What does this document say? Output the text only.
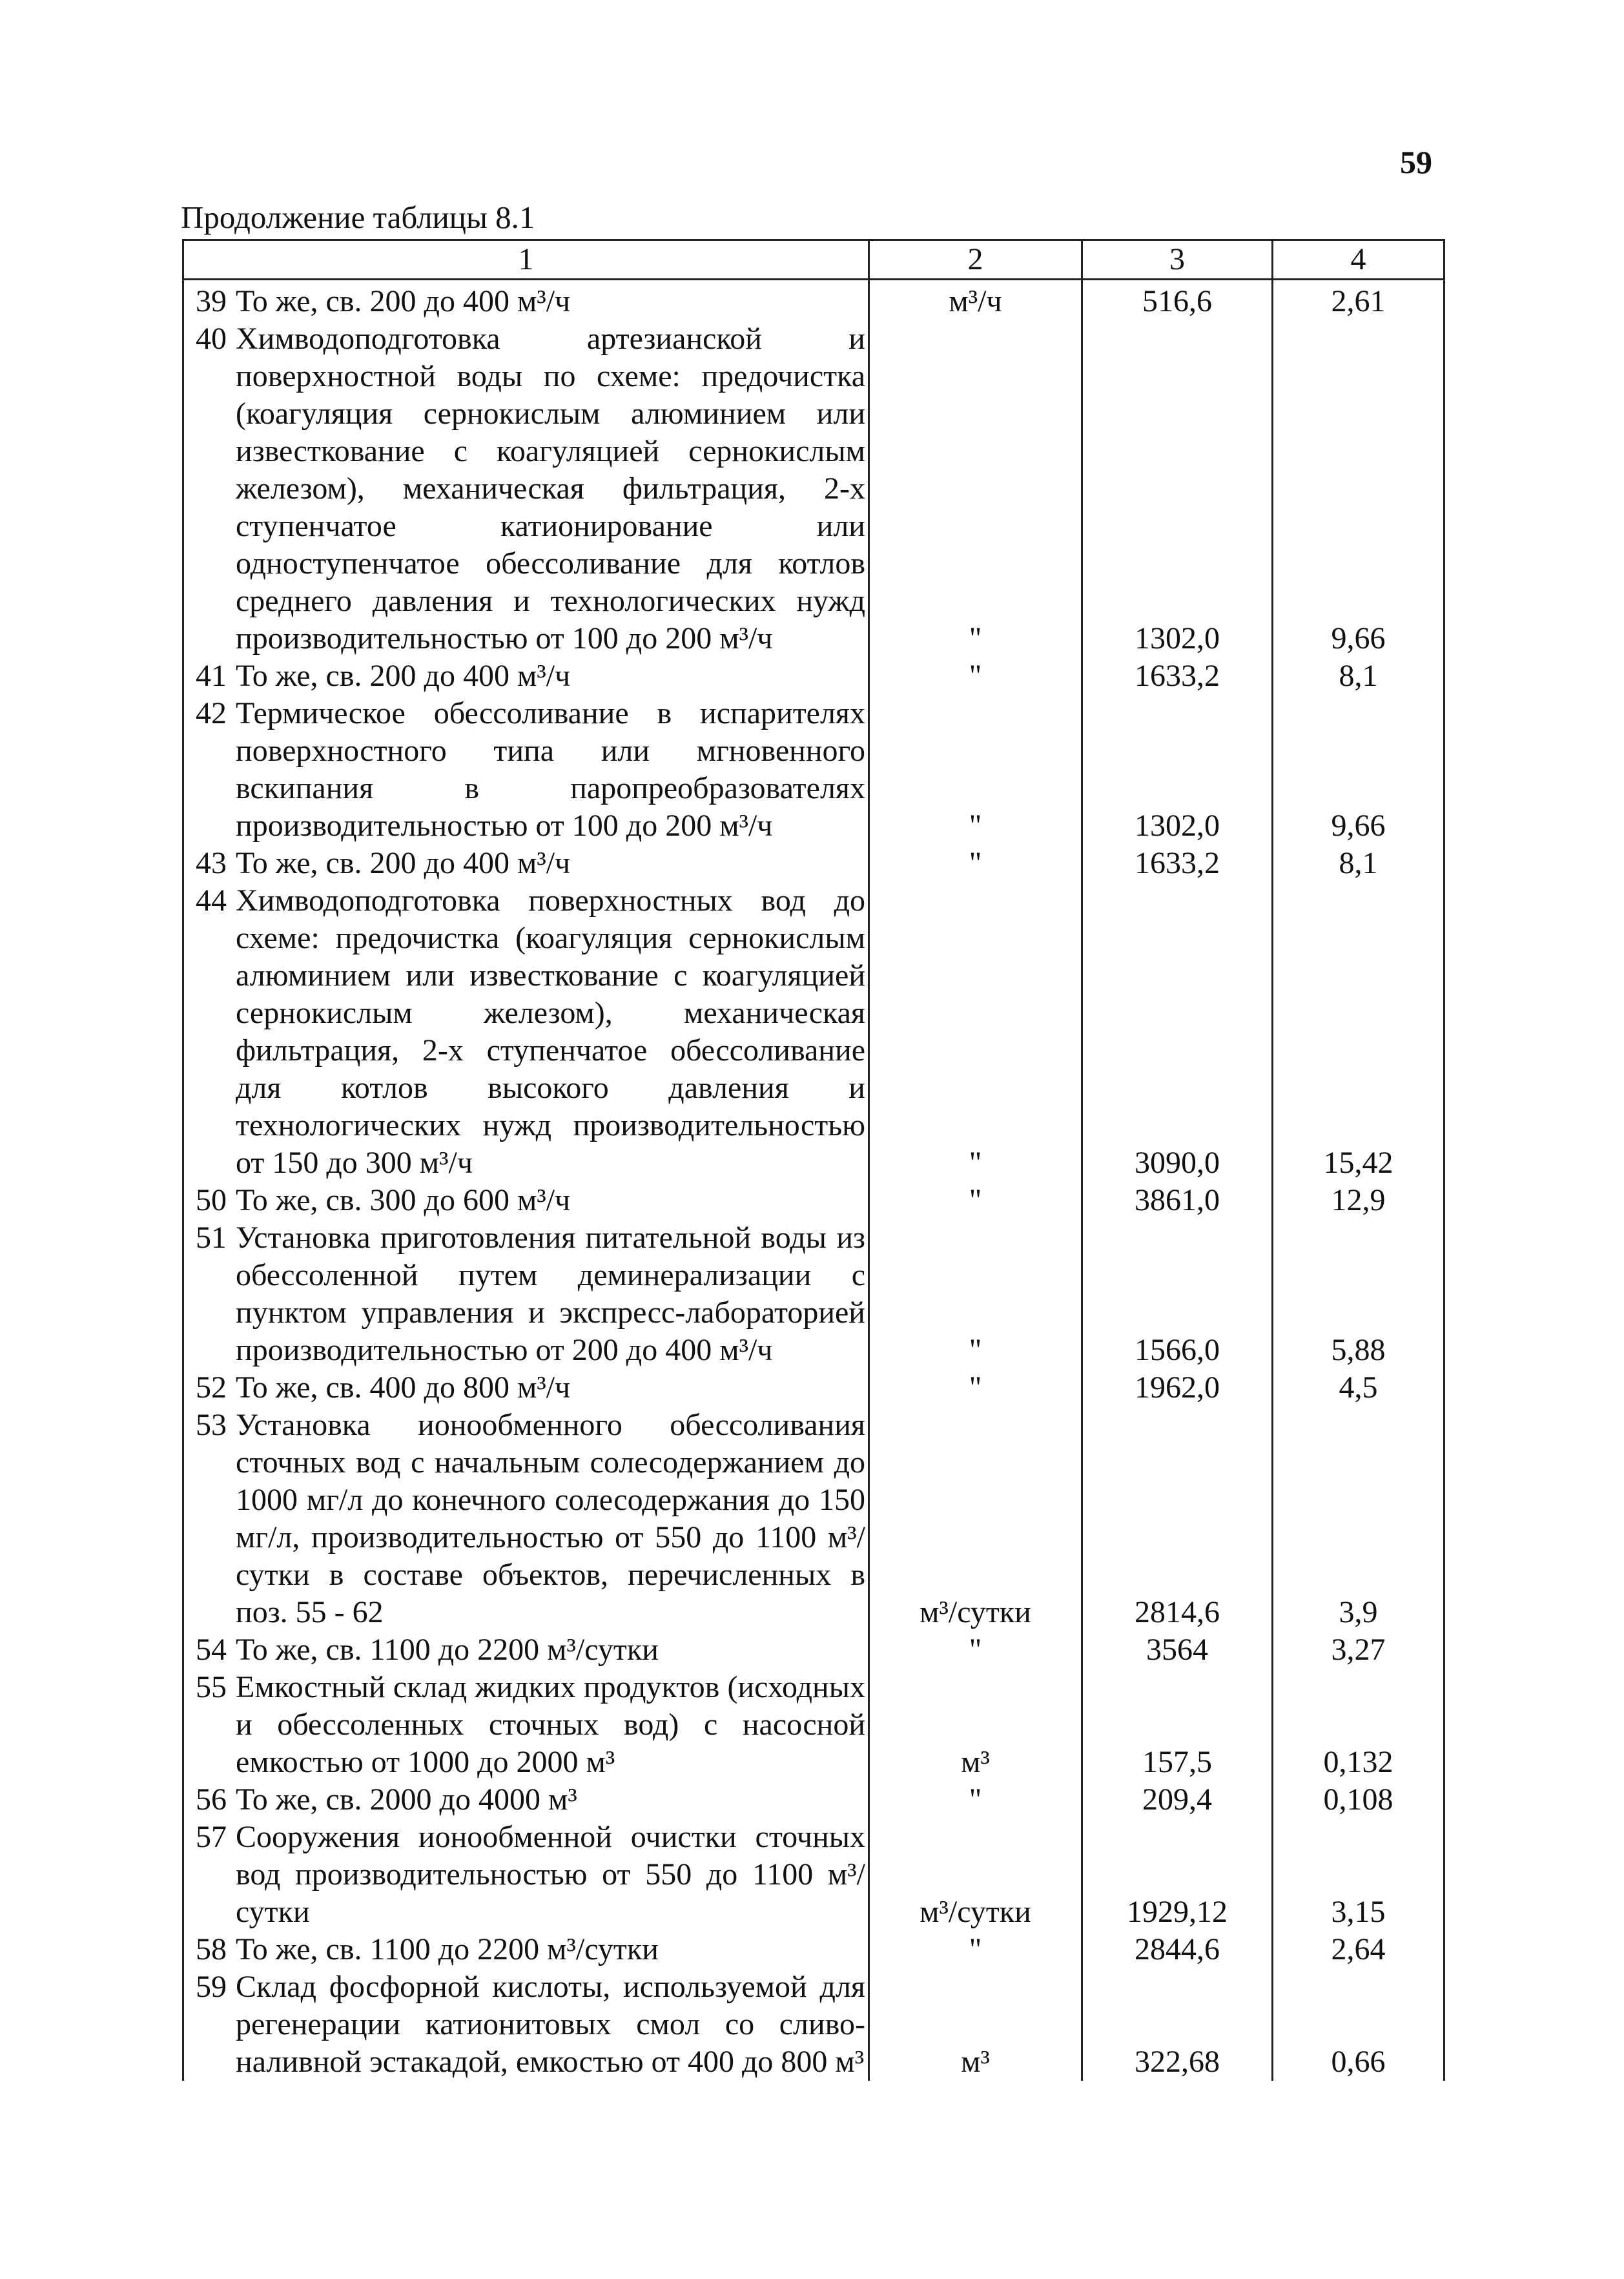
59
Продолжение таблицы 8.1
1	2	3	4

39 То же, св. 200 до 400 м³/ч	м³/ч	516,6	2,61

40 Химводоподготовка артезианской и поверхностной воды по схеме: предочистка (коагуляция сернокислым алюминием или известкование с коагуляцией сернокислым железом), механическая фильтрация, 2-х ступенчатое катионирование или одноступенчатое обессоливание для котлов среднего давления и технологических нужд производительностью от 100 до 200 м³/ч	"	1302,0	9,66

41 То же, св. 200 до 400 м³/ч	"	1633,2	8,1

42 Термическое обессоливание в испарителях поверхностного типа или мгновенного вскипания в паропреобразователях производительностью от 100 до 200 м³/ч	"	1302,0	9,66

43 То же, св. 200 до 400 м³/ч	"	1633,2	8,1

44 Химводоподготовка поверхностных вод до схеме: предочистка (коагуляция сернокислым алюминием или известкование с коагуляцией сернокислым железом), механическая фильтрация, 2-х ступенчатое обессоливание для котлов высокого давления и технологических нужд производительностью от 150 до 300 м³/ч	"	3090,0	15,42

50 То же, св. 300 до 600 м³/ч	"	3861,0	12,9

51 Установка приготовления питательной воды из обессоленной путем деминерализации с пунктом управления и экспресс-лабораторией производительностью от 200 до 400 м³/ч	"	1566,0	5,88

52 То же, св. 400 до 800 м³/ч	"	1962,0	4,5

53 Установка ионообменного обессоливания сточных вод с начальным солесодержанием до 1000 мг/л до конечного солесодержания до 150 мг/л, производительностью от 550 до 1100 м³/сутки в составе объектов, перечисленных в поз. 55 - 62	м³/сутки	2814,6	3,9

54 То же, св. 1100 до 2200 м³/сутки	"	3564	3,27

55 Емкостный склад жидких продуктов (исходных и обессоленных сточных вод) с насосной емкостью от 1000 до 2000 м³	м³	157,5	0,132

56 То же, св. 2000 до 4000 м³	"	209,4	0,108

57 Сооружения ионообменной очистки сточных вод производительностью от 550 до 1100 м³/сутки	м³/сутки	1929,12	3,15

58 То же, св. 1100 до 2200 м³/сутки	"	2844,6	2,64

59 Склад фосфорной кислоты, используемой для регенерации катионитовых смол со сливо-наливной эстакадой, емкостью от 400 до 800 м³	м³	322,68	0,66
